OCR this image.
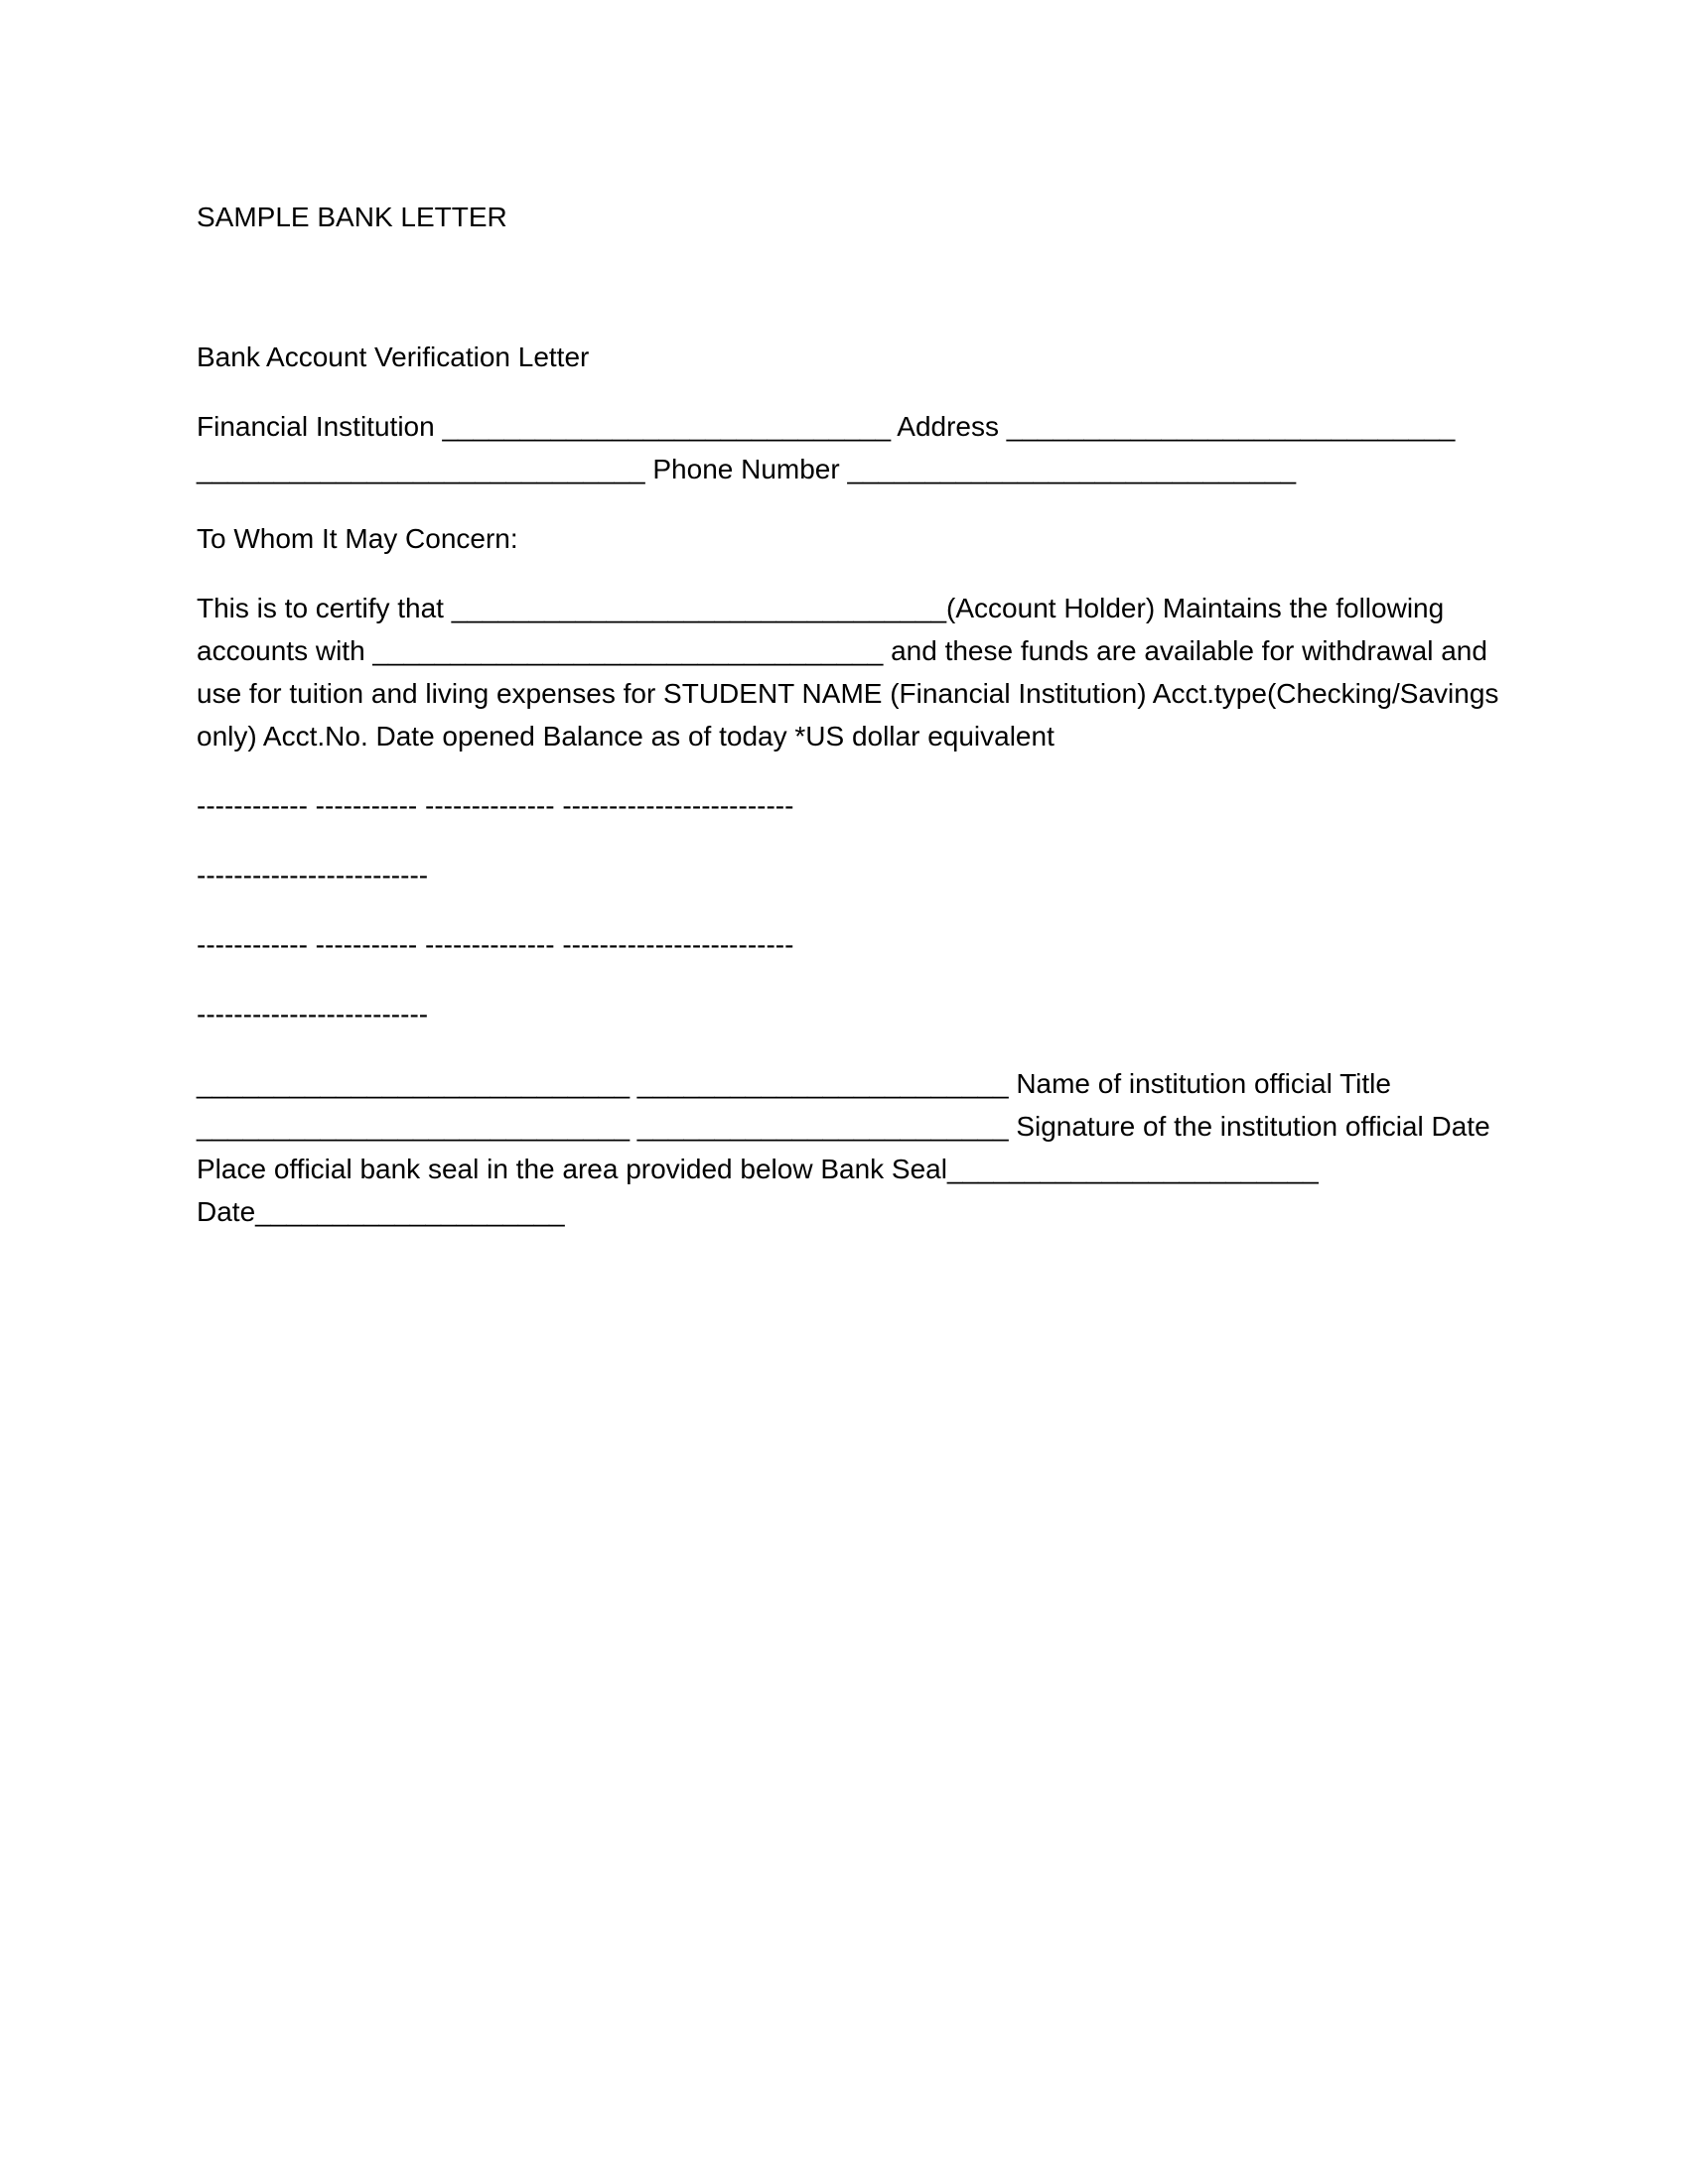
SAMPLE BANK LETTER
Bank Account Verification Letter
Financial Institution _____________________________ Address _____________________________
_____________________________ Phone Number _____________________________
To Whom It May Concern:
This is to certify that ________________________________(Account Holder) Maintains the following
accounts with _________________________________ and these funds are available for withdrawal and
use for tuition and living expenses for STUDENT NAME (Financial Institution) Acct.type(Checking/Savings
only) Acct.No. Date opened Balance as of today *US dollar equivalent
------------ ----------- -------------- -------------------------
-------------------------
------------ ----------- -------------- -------------------------
-------------------------
____________________________ ________________________ Name of institution official Title
____________________________ ________________________ Signature of the institution official Date
Place official bank seal in the area provided below Bank Seal________________________
Date____________________
